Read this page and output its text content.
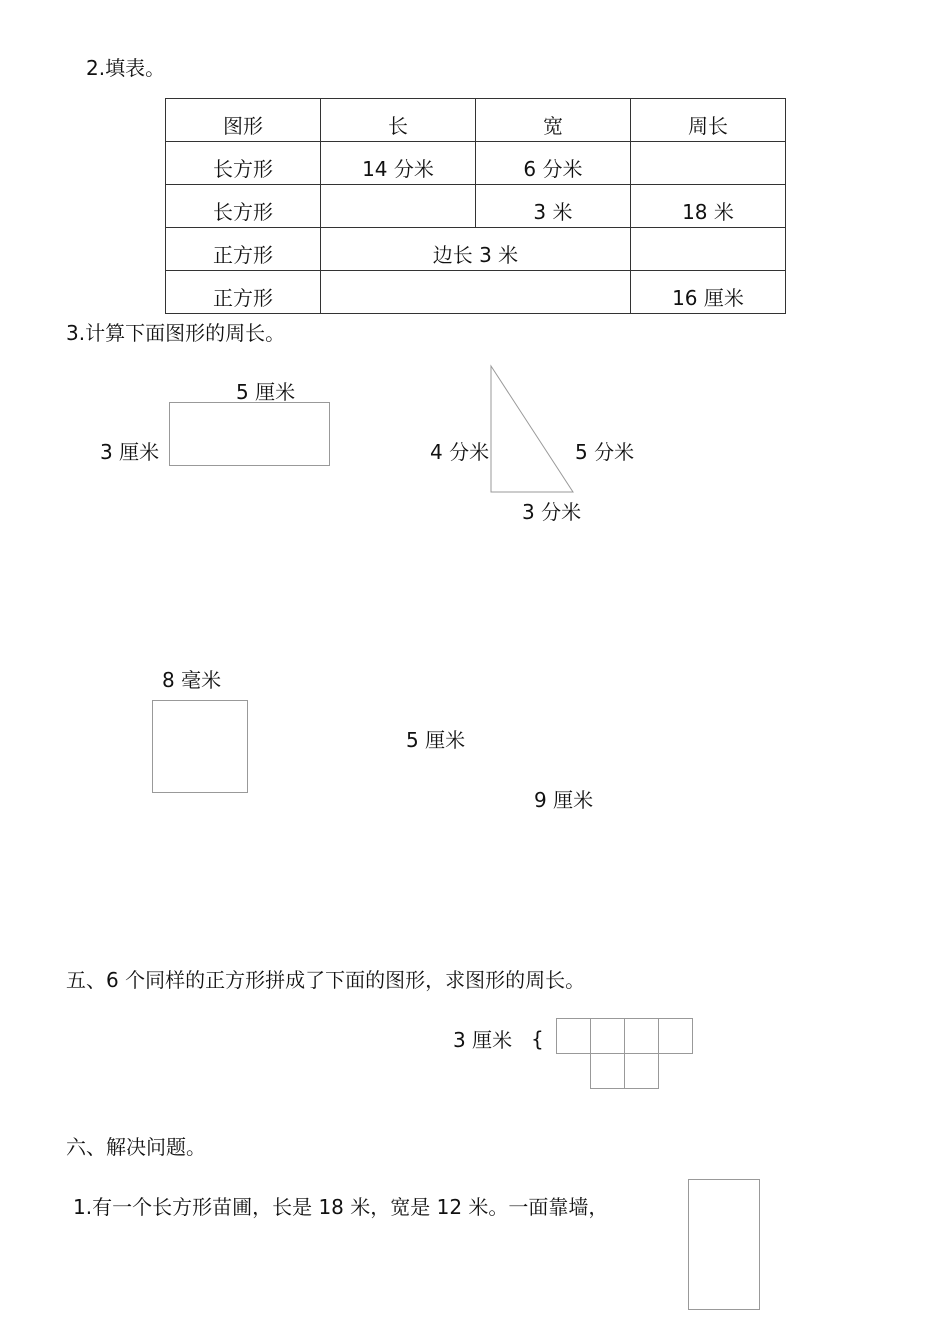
2.填表。
图形	长	宽	周长
长方形	14 分米	6 分米	
长方形		3 米	18 米
正方形	边长 3 米		
正方形			16 厘米
3.计算下面图形的周长。
5 厘米
3 厘米	4 分米	5 分米
3 分米
8 毫米
5 厘米
9 厘米
五、6 个同样的正方形拼成了下面的图形，求图形的周长。
3 厘米 {
六、解决问题。
1.有一个长方形苗圃，长是 18 米，宽是 12 米。一面靠墙，
